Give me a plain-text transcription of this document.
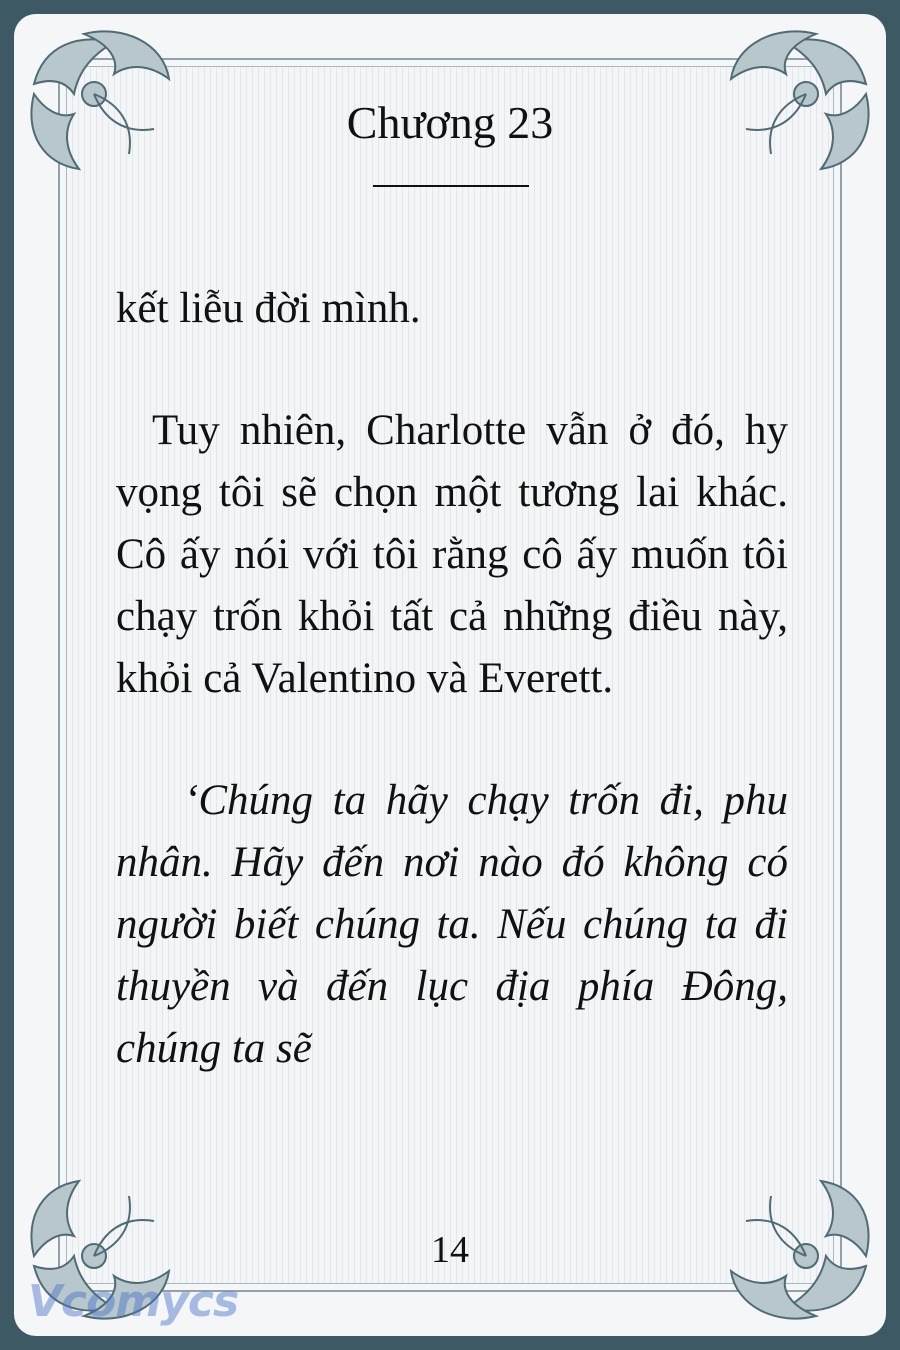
Chương 23

kết liễu đời mình.

Tuy nhiên, Charlotte vẫn ở đó, hy vọng tôi sẽ chọn một tương lai khác. Cô ấy nói với tôi rằng cô ấy muốn tôi chạy trốn khỏi tất cả những điều này, khỏi cả Valentino và Everett.

‘Chúng ta hãy chạy trốn đi, phu nhân. Hãy đến nơi nào đó không có người biết chúng ta. Nếu chúng ta đi thuyền và đến lục địa phía Đông, chúng ta sẽ

14
Vcomycs
